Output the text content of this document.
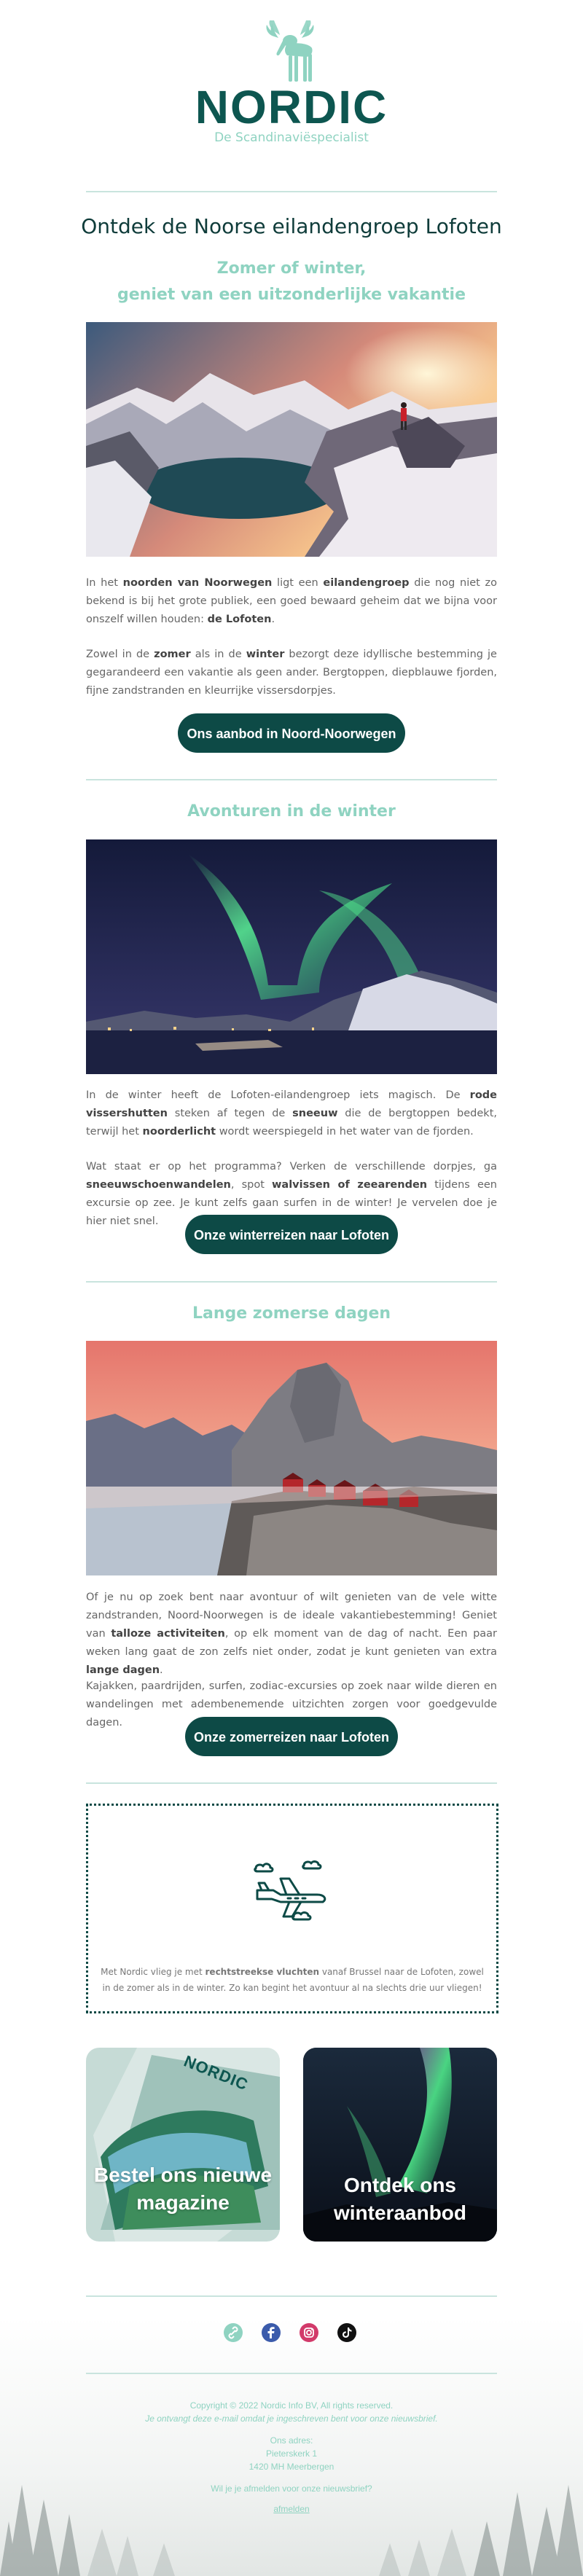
NORDIC
De Scandinaviëspecialist
Ontdek de Noorse eilandengroep Lofoten
Zomer of winter,
geniet van een uitzonderlijke vakantie

In het noorden van Noorwegen ligt een eilandengroep die nog niet zo bekend is bij het grote publiek, een goed bewaard geheim dat we bijna voor onszelf willen houden: de Lofoten.

Zowel in de zomer als in de winter bezorgt deze idyllische bestemming je gegarandeerd een vakantie als geen ander. Bergtoppen, diepblauwe fjorden, fijne zandstranden en kleurrijke vissersdorpjes.

Ons aanbod in Noord-Noorwegen
Avonturen in de winter

In de winter heeft de Lofoten-eilandengroep iets magisch. De rode vissershutten steken af tegen de sneeuw die de bergtoppen bedekt, terwijl het noorderlicht wordt weerspiegeld in het water van de fjorden.

Wat staat er op het programma? Verken de verschillende dorpjes, ga sneeuwschoenwandelen, spot walvissen of zeearenden tijdens een excursie op zee. Je kunt zelfs gaan surfen in de winter! Je vervelen doe je hier niet snel.

Onze winterreizen naar Lofoten
Lange zomerse dagen

Of je nu op zoek bent naar avontuur of wilt genieten van de vele witte zandstranden, Noord-Noorwegen is de ideale vakantiebestemming! Geniet van talloze activiteiten, op elk moment van de dag of nacht. Een paar weken lang gaat de zon zelfs niet onder, zodat je kunt genieten van extra lange dagen.

Kajakken, paardrijden, surfen, zodiac-excursies op zoek naar wilde dieren en wandelingen met adembenemende uitzichten zorgen voor goedgevulde dagen.

Onze zomerreizen naar Lofoten

Met Nordic vlieg je met rechtstreekse vluchten vanaf Brussel naar de Lofoten, zowel in de zomer als in de winter. Zo kan begint het avontuur al na slechts drie uur vliegen!

NORDIC
Bestel ons nieuwe
magazine
Ontdek ons
winteraanbod
Copyright © 2022 Nordic Info BV, All rights reserved.
Je ontvangt deze e-mail omdat je ingeschreven bent voor onze nieuwsbrief.
Ons adres:
Pieterskerk 1
1420 MH Meerbergen
Wil je je afmelden voor onze nieuwsbrief?
afmelden
